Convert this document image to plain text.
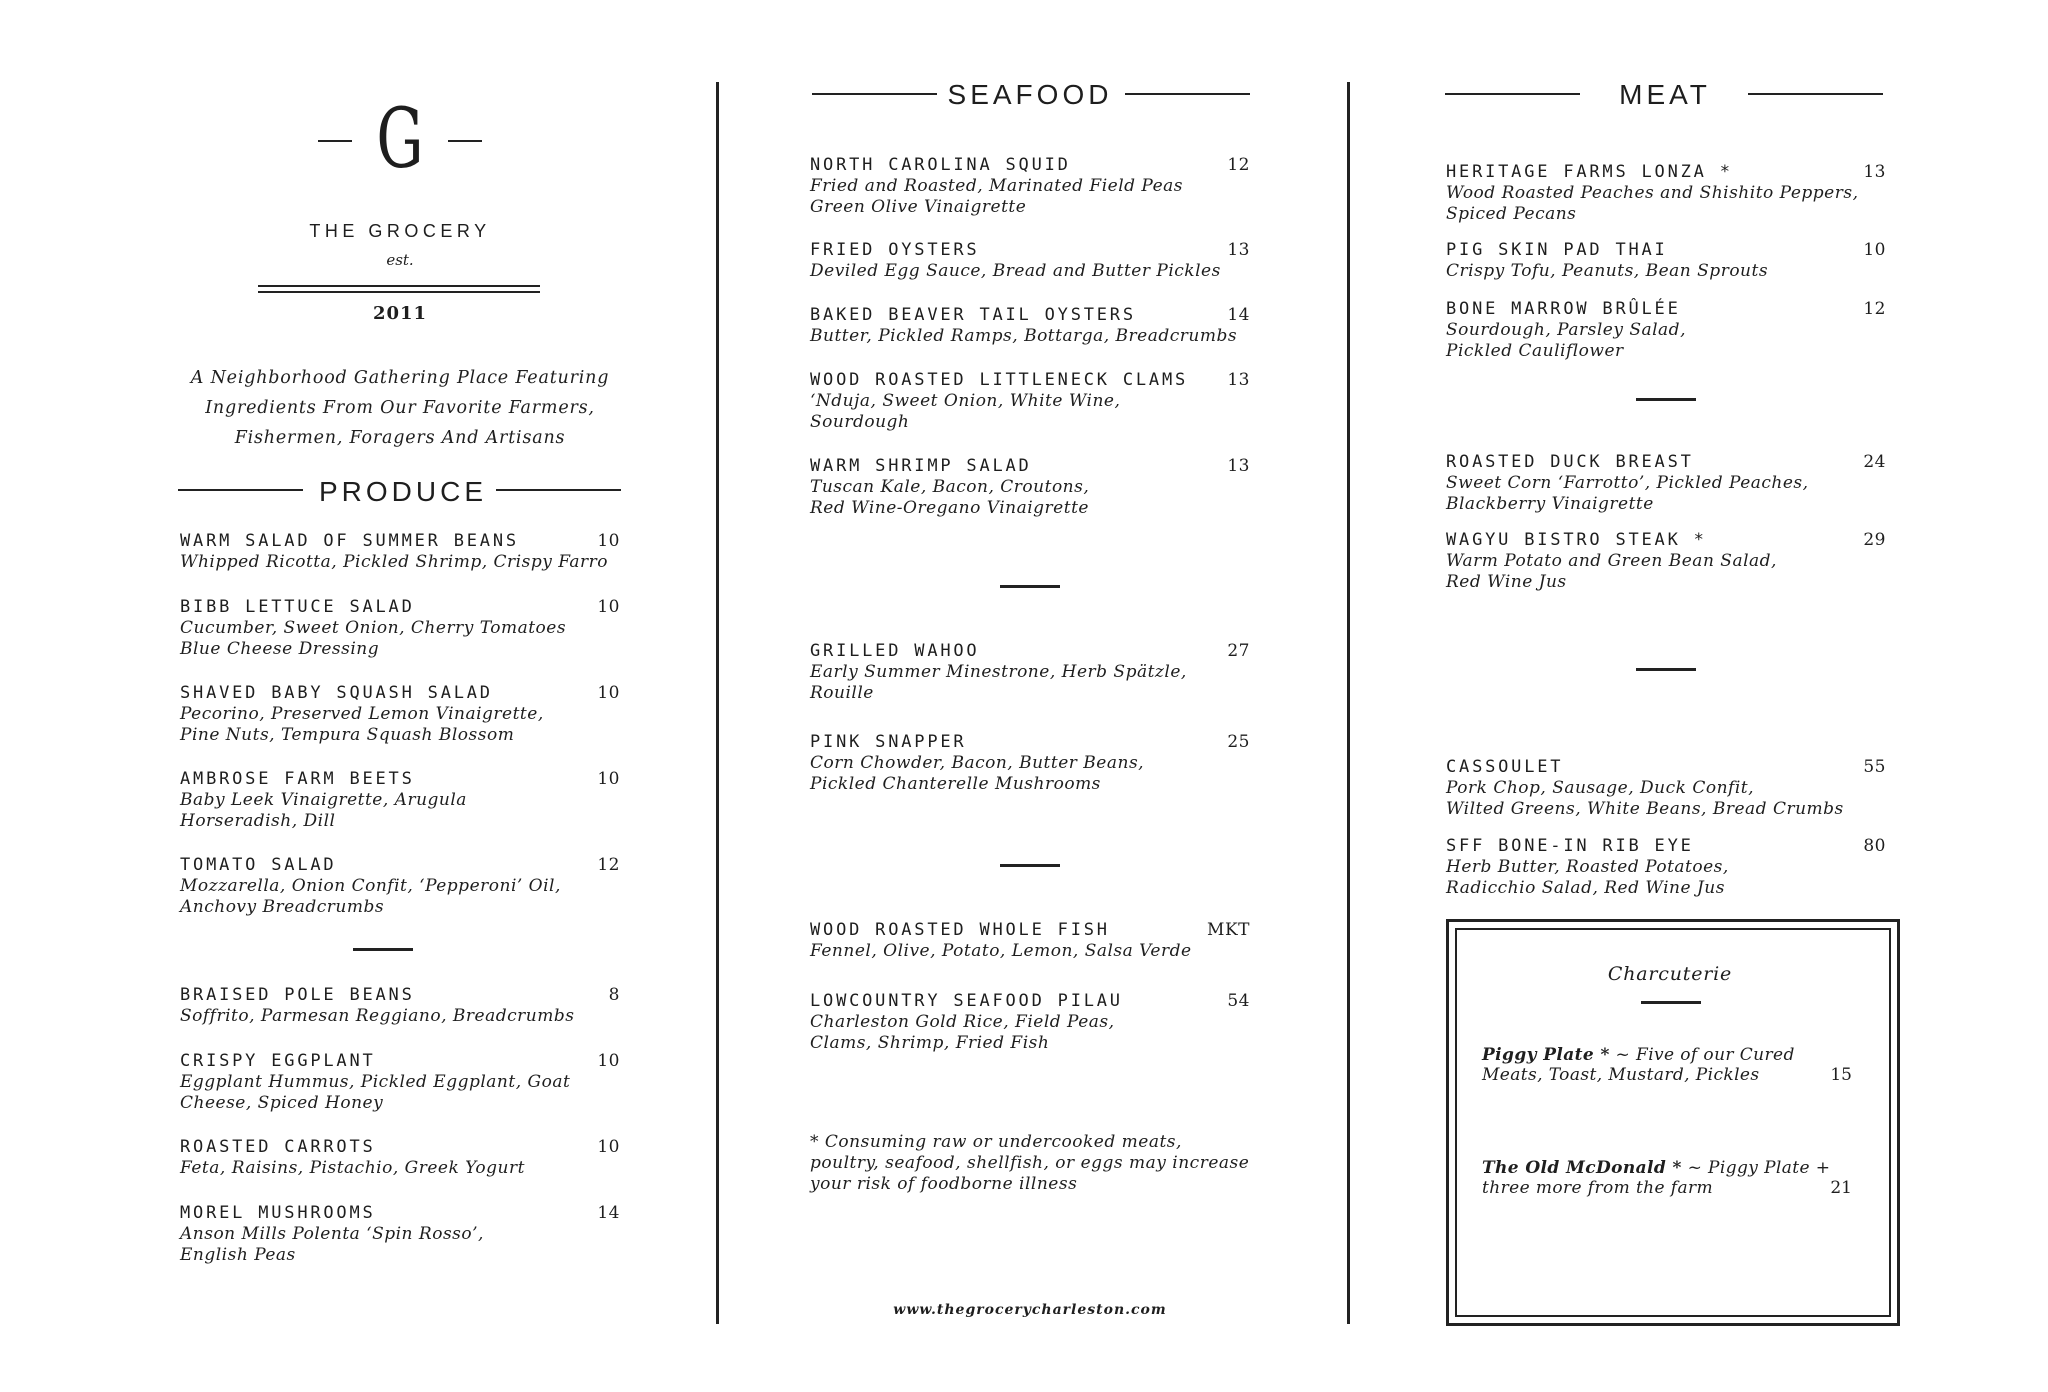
G
THE GROCERY
est.
2011
A Neighborhood Gathering Place Featuring
Ingredients From Our Favorite Farmers,
Fishermen, Foragers And Artisans
PRODUCE
WARM SALAD OF SUMMER BEANS	10
Whipped Ricotta, Pickled Shrimp, Crispy Farro
BIBB LETTUCE SALAD	10
Cucumber, Sweet Onion, Cherry Tomatoes
Blue Cheese Dressing
SHAVED BABY SQUASH SALAD	10
Pecorino, Preserved Lemon Vinaigrette,
Pine Nuts, Tempura Squash Blossom
AMBROSE FARM BEETS	10
Baby Leek Vinaigrette, Arugula
Horseradish, Dill
TOMATO SALAD	12
Mozzarella, Onion Confit, ‘Pepperoni’ Oil,
Anchovy Breadcrumbs
BRAISED POLE BEANS	8
Soffrito, Parmesan Reggiano, Breadcrumbs
CRISPY EGGPLANT	10
Eggplant Hummus, Pickled Eggplant, Goat
Cheese, Spiced Honey
ROASTED CARROTS	10
Feta, Raisins, Pistachio, Greek Yogurt
MOREL MUSHROOMS	14
Anson Mills Polenta ‘Spin Rosso’,
English Peas
SEAFOOD
NORTH CAROLINA SQUID	12
Fried and Roasted, Marinated Field Peas
Green Olive Vinaigrette
FRIED OYSTERS	13
Deviled Egg Sauce, Bread and Butter Pickles
BAKED BEAVER TAIL OYSTERS	14
Butter, Pickled Ramps, Bottarga, Breadcrumbs
WOOD ROASTED LITTLENECK CLAMS	13
‘Nduja, Sweet Onion, White Wine,
Sourdough
WARM SHRIMP SALAD	13
Tuscan Kale, Bacon, Croutons,
Red Wine-Oregano Vinaigrette
GRILLED WAHOO	27
Early Summer Minestrone, Herb Spätzle,
Rouille
PINK SNAPPER	25
Corn Chowder, Bacon, Butter Beans,
Pickled Chanterelle Mushrooms
WOOD ROASTED WHOLE FISH	MKT
Fennel, Olive, Potato, Lemon, Salsa Verde
LOWCOUNTRY SEAFOOD PILAU	54
Charleston Gold Rice, Field Peas,
Clams, Shrimp, Fried Fish
* Consuming raw or undercooked meats,
poultry, seafood, shellfish, or eggs may increase
your risk of foodborne illness
www.thegrocerycharleston.com
MEAT
HERITAGE FARMS LONZA *	13
Wood Roasted Peaches and Shishito Peppers,
Spiced Pecans
PIG SKIN PAD THAI	10
Crispy Tofu, Peanuts, Bean Sprouts
BONE MARROW BRÛLÉE	12
Sourdough, Parsley Salad,
Pickled Cauliflower
ROASTED DUCK BREAST	24
Sweet Corn ‘Farrotto’, Pickled Peaches,
Blackberry Vinaigrette
WAGYU BISTRO STEAK *	29
Warm Potato and Green Bean Salad,
Red Wine Jus
CASSOULET	55
Pork Chop, Sausage, Duck Confit,
Wilted Greens, White Beans, Bread Crumbs
SFF BONE-IN RIB EYE	80
Herb Butter, Roasted Potatoes,
Radicchio Salad, Red Wine Jus
Charcuterie
Piggy Plate * ~ Five of our Cured
Meats, Toast, Mustard, Pickles	15
The Old McDonald * ~ Piggy Plate +
three more from the farm	21
